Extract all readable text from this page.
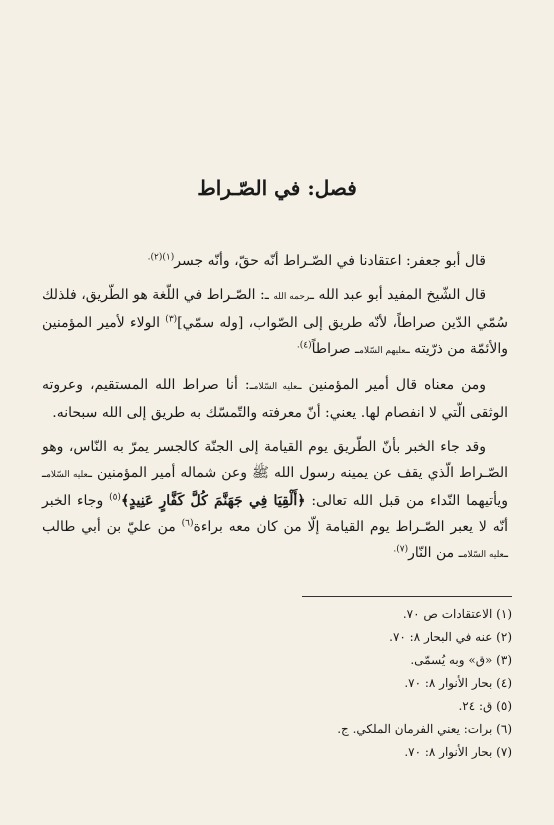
فصل: في الصّـراط

قال أبو جعفر: اعتقادنا في الصّـراط أنّه حقّ، وأنّه جسر$^{(١)(٢).}$

قال الشّيخ المفيد أبو عبد الله ـرحمه الله ـ: الصّـراط في اللّغة هو الطّريق، فلذلك سُمّي الدّين صراطاً، لأنّه طريق إلى الصّواب، [وله سمّي]$^{(٣)}$ الولاء لأمير المؤمنين والأئمّة من ذرّيته ـعليهم السّلامـ صراطاً$^{(٤).}$

ومن معناه قال أمير المؤمنين ـعليه السّلامـ: أنا صراط الله المستقيم، وعروته الوثقى الّتي لا انفصام لها. يعني: أنّ معرفته والتّمسّك به طريق إلى الله سبحانه.

وقد جاء الخبر بأنّ الطّريق يوم القيامة إلى الجنّة كالجسر يمرّ به النّاس، وهو الصّـراط الّذي يقف عن يمينه رسول الله ﷺ وعن شماله أمير المؤمنين ـعليه السّلامـ ويأتيهما النّداء من قبل الله تعالى: ﴿أَلْقِيَا فِي جَهَنَّمَ كُلَّ كَفَّارٍ عَنِيدٍ﴾$^{(٥)}$ وجاء الخبر أنّه لا يعبر الصّـراط يوم القيامة إلّا من كان معه براءة$^{(٦)}$ من عليّ بن أبي طالب ـعليه السّلامـ من النّار$^{(٧).}$

(١) الاعتقادات ص ٧٠.
(٢) عنه في البحار ٨: ٧٠.
(٣) «ق» وبه يُسمّى.
(٤) بحار الأنوار ٨: ٧٠.
(٥) ق: ٢٤.
(٦) برات: يعني الفرمان الملكي. ج.
(٧) بحار الأنوار ٨: ٧٠.
